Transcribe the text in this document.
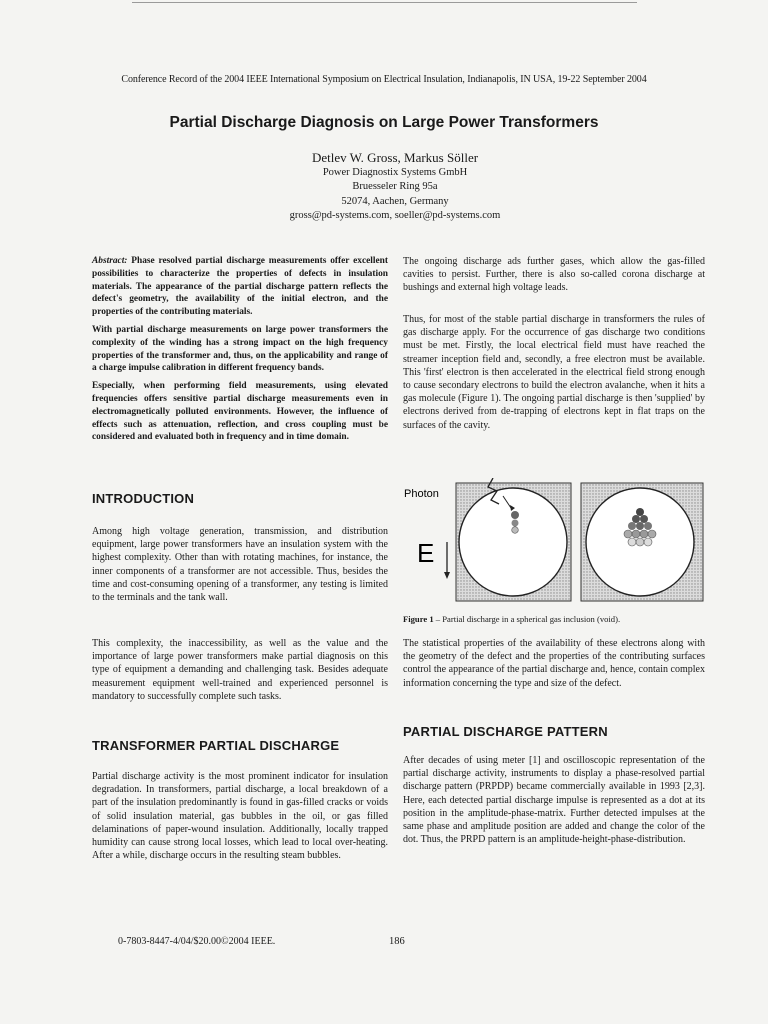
Conference Record of the 2004 IEEE International Symposium on Electrical Insulation, Indianapolis, IN USA, 19-22 September 2004
Partial Discharge Diagnosis on Large Power Transformers
Detlev W. Gross, Markus Söller
Power Diagnostix Systems GmbH
Bruesseler Ring 95a
52074, Aachen, Germany
gross@pd-systems.com, soeller@pd-systems.com

Abstract: Phase resolved partial discharge measurements offer excellent possibilities to characterize the properties of defects in insulation materials. The appearance of the partial discharge pattern reflects the defect's geometry, the availability of the initial electron, and the properties of the contributing materials.

With partial discharge measurements on large power transformers the complexity of the winding has a strong impact on the high frequency properties of the transformer and, thus, on the applicability and range of a charge impulse calibration in different frequency bands.

Especially, when performing field measurements, using elevated frequencies offers sensitive partial discharge measurements even in electromagnetically polluted environments. However, the influence of effects such as attenuation, reflection, and cross coupling must be considered and evaluated both in frequency and in time domain.

INTRODUCTION

Among high voltage generation, transmission, and distribution equipment, large power transformers have an insulation system with the highest complexity. Other than with rotating machines, for instance, the inner components of a transformer are not accessible. Thus, besides the time and cost-consuming opening of a transformer, any testing is limited to the terminals and the tank wall.

This complexity, the inaccessibility, as well as the value and the importance of large power transformers make partial diagnosis on this type of equipment a demanding and challenging task. Besides adequate measurement equipment well-trained and experienced personnel is mandatory to successfully complete such tasks.

TRANSFORMER PARTIAL DISCHARGE

Partial discharge activity is the most prominent indicator for insulation degradation. In transformers, partial discharge, a local breakdown of a part of the insulation predominantly is found in gas-filled cracks or voids of solid insulation material, gas bubbles in the oil, or gas filled delaminations of paper-wound insulation. Additionally, locally trapped humidity can cause strong local losses, which lead to local over-heating. After a while, discharge occurs in the resulting steam bubbles.

The ongoing discharge ads further gases, which allow the gas-filled cavities to persist. Further, there is also so-called corona discharge at bushings and external high voltage leads.

Thus, for most of the stable partial discharge in transformers the rules of gas discharge apply. For the occurrence of gas discharge two conditions must be met. Firstly, the local electrical field must have reached the streamer inception field and, secondly, a free electron must be available. This 'first' electron is then accelerated in the electrical field strong enough to cause secondary electrons to build the electron avalanche, when it hits a gas molecule (Figure 1). The ongoing partial discharge is then 'supplied' by electrons derived from de-trapping of electrons kept in flat traps on the surfaces of the cavity.

Photon
E
Figure 1 – Partial discharge in a spherical gas inclusion (void).

The statistical properties of the availability of these electrons along with the geometry of the defect and the properties of the contributing surfaces control the appearance of the partial discharge and, hence, contain complex information concerning the type and size of the defect.

PARTIAL DISCHARGE PATTERN

After decades of using meter [1] and oscilloscopic representation of the partial discharge activity, instruments to display a phase-resolved partial discharge pattern (PRPDP) became commercially available in 1993 [2,3]. Here, each detected partial discharge impulse is represented as a dot at its position in the amplitude-phase-matrix. Further detected impulses at the same phase and amplitude position are added and change the color of the dot. Thus, the PRPD pattern is an amplitude-height-phase-distribution.

0-7803-8447-4/04/$20.00©2004 IEEE.	186
